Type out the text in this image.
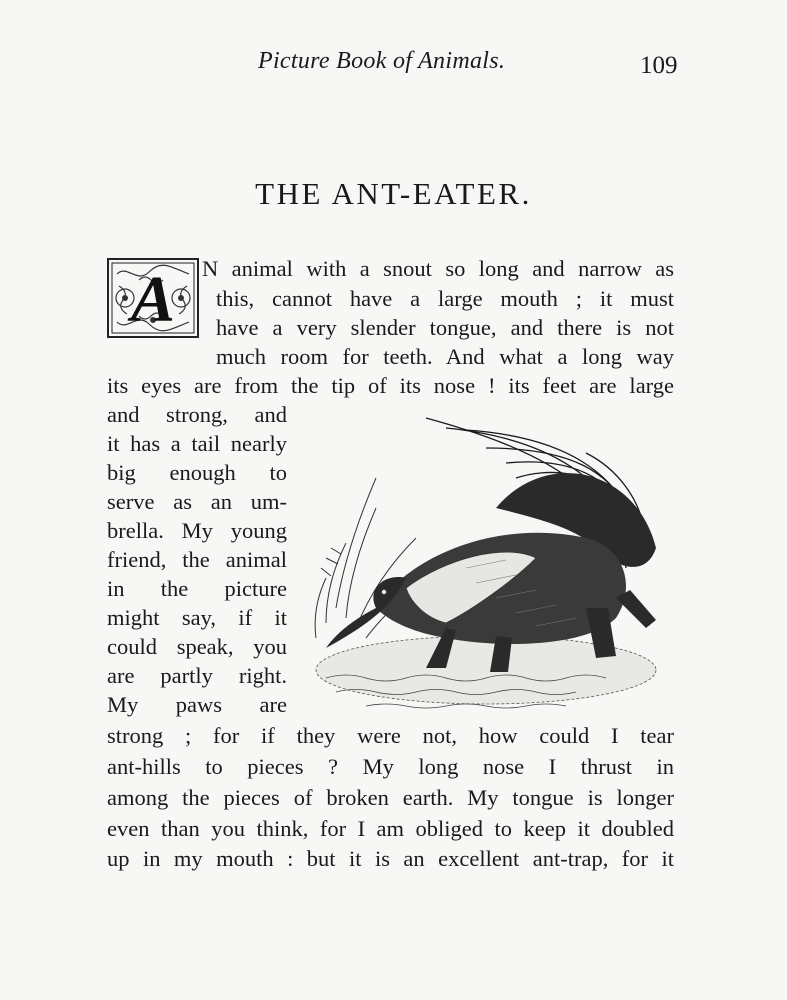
Picture Book of Animals.	109
THE ANT-EATER.
A	N animal with a snout so long and narrow as
this, cannot have a large mouth ; it must
have a very slender tongue, and there is not
much room for teeth. And what a long way
its eyes are from the tip of its nose ! its feet are large
and strong, and
it has a tail nearly
big enough to
serve as an um-
brella. My young
friend, the animal
in the picture
might say, if it
could speak, you
are partly right.
My paws are
strong ; for if they were not, how could I tear
ant-hills to pieces ? My long nose I thrust in
among the pieces of broken earth. My tongue is longer
even than you think, for I am obliged to keep it doubled
up in my mouth : but it is an excellent ant-trap, for it
